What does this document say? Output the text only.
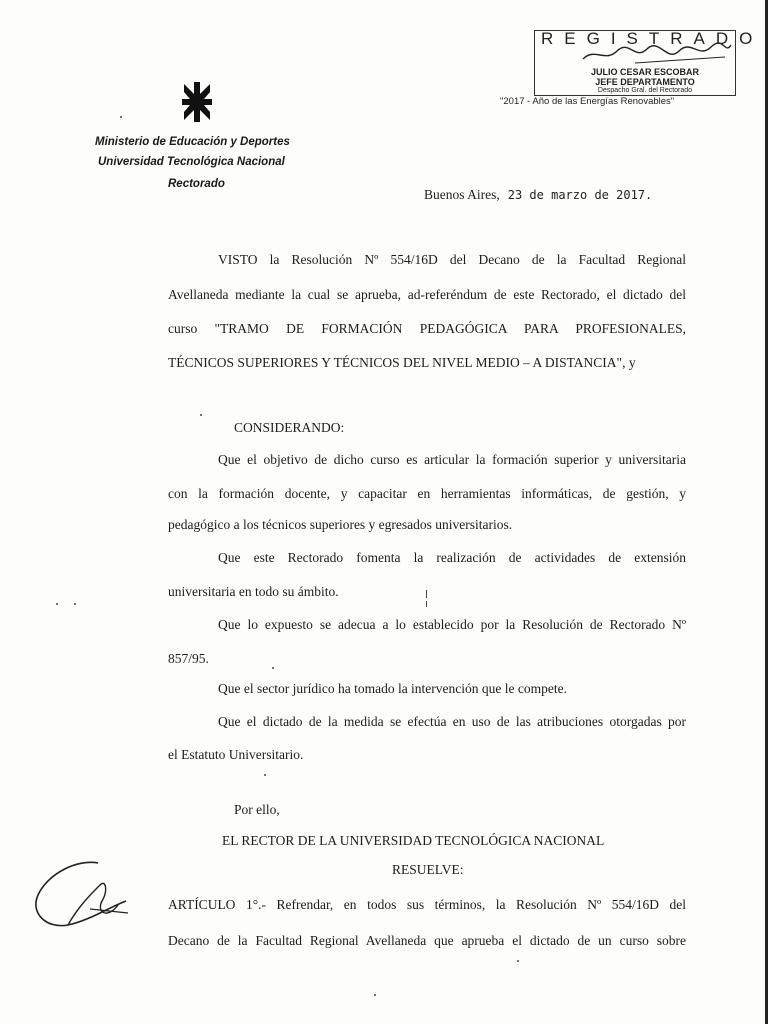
REGISTRADO
JULIO CESAR ESCOBAR
JEFE DEPARTAMENTO
Despacho Gral. del Rectorado
"2017 - Año de las Energías Renovables"
Ministerio de Educación y Deportes
Universidad Tecnológica Nacional
Rectorado
Buenos Aires, 23 de marzo de 2017.
VISTO la Resolución Nº 554/16D del Decano de la Facultad Regional
Avellaneda mediante la cual se aprueba, ad-referéndum de este Rectorado, el dictado del
curso "TRAMO DE FORMACIÓN PEDAGÓGICA PARA PROFESIONALES,
TÉCNICOS SUPERIORES Y TÉCNICOS DEL NIVEL MEDIO – A DISTANCIA", y
CONSIDERANDO:
Que el objetivo de dicho curso es articular la formación superior y universitaria
con la formación docente, y capacitar en herramientas informáticas, de gestión, y
pedagógico a los técnicos superiores y egresados universitarios.
Que este Rectorado fomenta la realización de actividades de extensión
universitaria en todo su ámbito.
Que lo expuesto se adecua a lo establecido por la Resolución de Rectorado Nº
857/95.
Que el sector jurídico ha tomado la intervención que le compete.
Que el dictado de la medida se efectúa en uso de las atribuciones otorgadas por
el Estatuto Universitario.
Por ello,
EL RECTOR DE LA UNIVERSIDAD TECNOLÓGICA NACIONAL
RESUELVE:
ARTÍCULO 1°.- Refrendar, en todos sus términos, la Resolución Nº 554/16D del
Decano de la Facultad Regional Avellaneda que aprueba el dictado de un curso sobre
